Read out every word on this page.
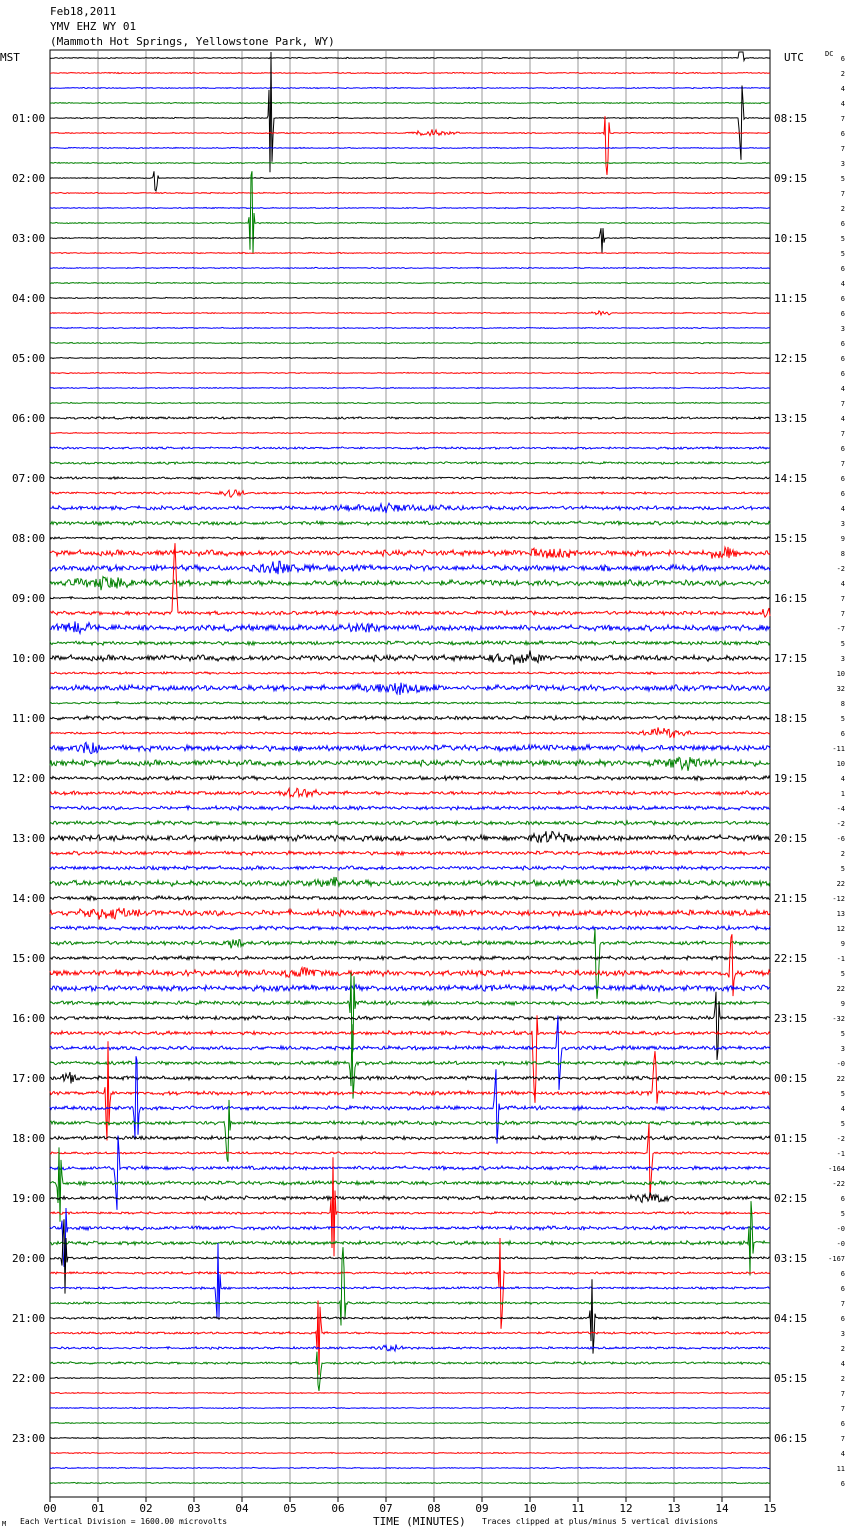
Feb18,2011
YMV EHZ WY 01
(Mammoth Hot Springs, Yellowstone Park, WY)
MST	UTC	DC
01:00
02:00
03:00
04:00
05:00
06:00
07:00
08:00
09:00
10:00
11:00
12:00
13:00
14:00
15:00
16:00
17:00
18:00
19:00
20:00
21:00
22:00
23:00
08:15
09:15
10:15
11:15
12:15
13:15
14:15
15:15
16:15
17:15
18:15
19:15
20:15
21:15
22:15
23:15
00:15
01:15
02:15
03:15
04:15
05:15
06:15
6
2
4
4
7
6
7
3
5
7
2
6
5
5
6
4
6
6
3
6
6
6
4
7
4
7
6
7
6
6
4
3
9
8
-2
4
7
7
-7
5
3
10
32
8
5
6
-11
10
4
1
-4
-2
-6
2
5
22
-12
13
12
9
-1
5
22
9
-32
5
3
-0
22
5
4
5
-2
-1
-164
-22
6
5
-0
-0
-167
6
6
7
6
3
2
4
2
7
7
6
7
4
11
6
00	01	02	03	04	05	06	07	08	09	10	11	12	13	14	15
M Each Vertical Division = 1600.00 microvolts	TIME (MINUTES) Traces clipped at plus/minus 5 vertical divisions
